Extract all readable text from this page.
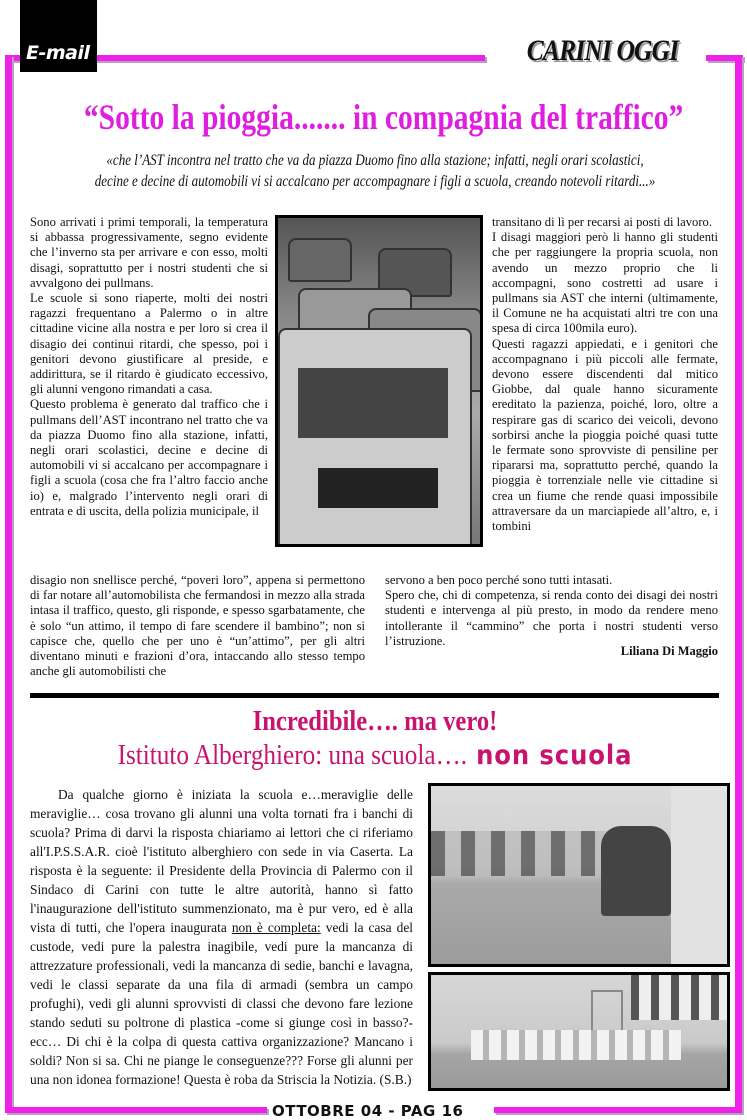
E-mail	CARINI OGGI
“Sotto la pioggia....... in compagnia del traffico”
«che l’AST incontra nel tratto che va da piazza Duomo fino alla stazione; infatti, negli orari scolastici,
decine e decine di automobili vi si accalcano per accompagnare i figli a scuola, creando notevoli ritardi...»

Sono arrivati i primi temporali, la temperatura si abbassa progressivamente, segno evidente che l’inverno sta per arrivare e con esso, molti disagi, soprattutto per i nostri studenti che si avvalgono dei pullmans.

Le scuole si sono riaperte, molti dei nostri ragazzi frequentano a Palermo o in altre cittadine vicine alla nostra e per loro si crea il disagio dei continui ritardi, che spesso, poi i genitori devono giustificare al preside, e addirittura, se il ritardo è giudicato eccessivo, gli alunni vengono rimandati a casa.

Questo problema è generato dal traffico che i pullmans dell’AST incontrano nel tratto che va da piazza Duomo fino alla stazione, infatti, negli orari scolastici, decine e decine di automobili vi si accalcano per accompagnare i figli a scuola (cosa che fra l’altro faccio anche io) e, malgrado l’intervento negli orari di entrata e di uscita, della polizia municipale, il

transitano di lì per recarsi ai posti di lavoro.

I disagi maggiori però li hanno gli studenti che per raggiungere la propria scuola, non avendo un mezzo proprio che li accompagni, sono costretti ad usare i pullmans sia AST che interni (ultimamente, il Comune ne ha acquistati altri tre con una spesa di circa 100mila euro).

Questi ragazzi appiedati, e i genitori che accompagnano i più piccoli alle fermate, devono essere discendenti dal mitico Giobbe, dal quale hanno sicuramente ereditato la pazienza, poiché, loro, oltre a respirare gas di scarico dei veicoli, devono sorbirsi anche la pioggia poiché quasi tutte le fermate sono sprovviste di pensiline per ripararsi ma, soprattutto perché, quando la pioggia è torrenziale nelle vie cittadine si crea un fiume che rende quasi impossibile attraversare da un marciapiede all’altro, e, i tombini

disagio non snellisce perché, “poveri loro”, appena si permettono di far notare all’automobilista che fermandosi in mezzo alla strada intasa il traffico, questo, gli risponde, e spesso sgarbatamente, che è solo “un attimo, il tempo di fare scendere il bambino”; non si capisce che, quello che per uno è “un’attimo”, per gli altri diventano minuti e frazioni d’ora, intaccando allo stesso tempo anche gli automobilisti che

servono a ben poco perché sono tutti intasati.

Spero che, chi di competenza, si renda conto dei disagi dei nostri studenti e intervenga al più presto, in modo da rendere meno intollerante il “cammino” che porta i nostri studenti verso l’istruzione.

Liliana Di Maggio
Incredibile…. ma vero!
Istituto Alberghiero: una scuola…. non scuola

Da qualche giorno è iniziata la scuola e…meraviglie delle meraviglie… cosa trovano gli alunni una volta tornati fra i banchi di scuola? Prima di darvi la risposta chiariamo ai lettori che ci riferiamo all'I.P.S.S.A.R. cioè l'istituto alberghiero con sede in via Caserta. La risposta è la seguente: il Presidente della Provincia di Palermo con il Sindaco di Carini con tutte le altre autorità, hanno sì fatto l'inaugurazione dell'istituto summenzionato, ma è pur vero, ed è alla vista di tutti, che l'opera inaugurata non è completa: vedi la casa del custode, vedi pure la palestra inagibile, vedi pure la mancanza di attrezzature professionali, vedi la mancanza di sedie, banchi e lavagna, vedi le classi separate da una fila di armadi (sembra un campo profughi), vedi gli alunni sprovvisti di classi che devono fare lezione stando seduti su poltrone di plastica -come si giunge così in basso?- ecc… Di chi è la colpa di questa cattiva organizzazione? Mancano i soldi? Non si sa. Chi ne piange le conseguenze??? Forse gli alunni per una non idonea formazione! Questa è roba da Striscia la Notizia. (S.B.)

OTTOBRE 04 - PAG 16
